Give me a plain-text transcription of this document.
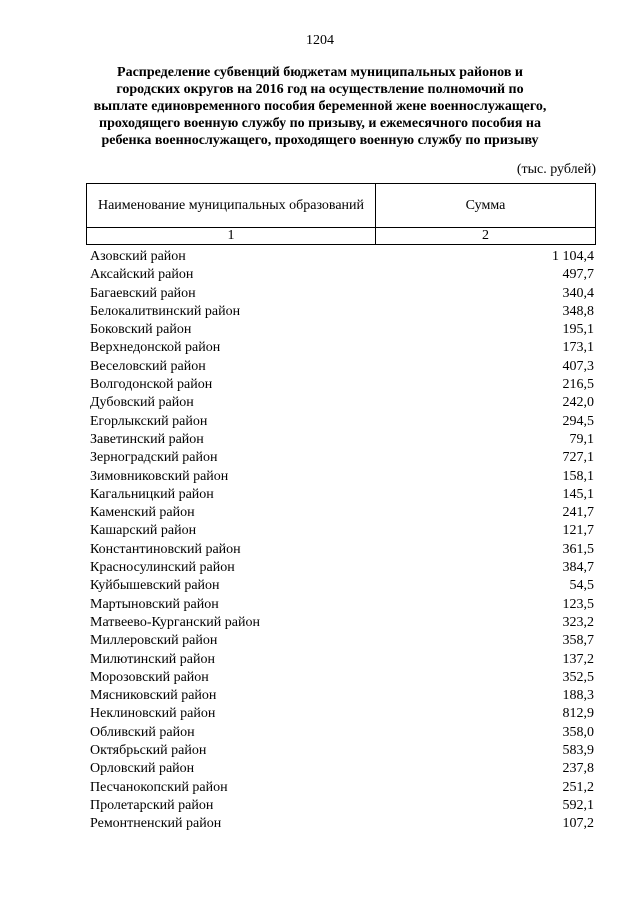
1204
Распределение субвенций бюджетам муниципальных районов и городских округов на 2016 год на осуществление полномочий по выплате единовременного пособия беременной жене военнослужащего, проходящего военную службу по призыву, и ежемесячного пособия на ребенка военнослужащего, проходящего военную службу по призыву
(тыс. рублей)
Наименование муниципальных образований	Сумма
1	2
Азовский район	1 104,4
Аксайский район	497,7
Багаевский район	340,4
Белокалитвинский район	348,8
Боковский район	195,1
Верхнедонской район	173,1
Веселовский район	407,3
Волгодонской район	216,5
Дубовский район	242,0
Егорлыкский район	294,5
Заветинский район	79,1
Зерноградский район	727,1
Зимовниковский район	158,1
Кагальницкий район	145,1
Каменский район	241,7
Кашарский район	121,7
Константиновский район	361,5
Красносулинский район	384,7
Куйбышевский район	54,5
Мартыновский район	123,5
Матвеево-Курганский район	323,2
Миллеровский район	358,7
Милютинский район	137,2
Морозовский район	352,5
Мясниковский район	188,3
Неклиновский район	812,9
Обливский район	358,0
Октябрьский район	583,9
Орловский район	237,8
Песчанокопский район	251,2
Пролетарский район	592,1
Ремонтненский район	107,2
